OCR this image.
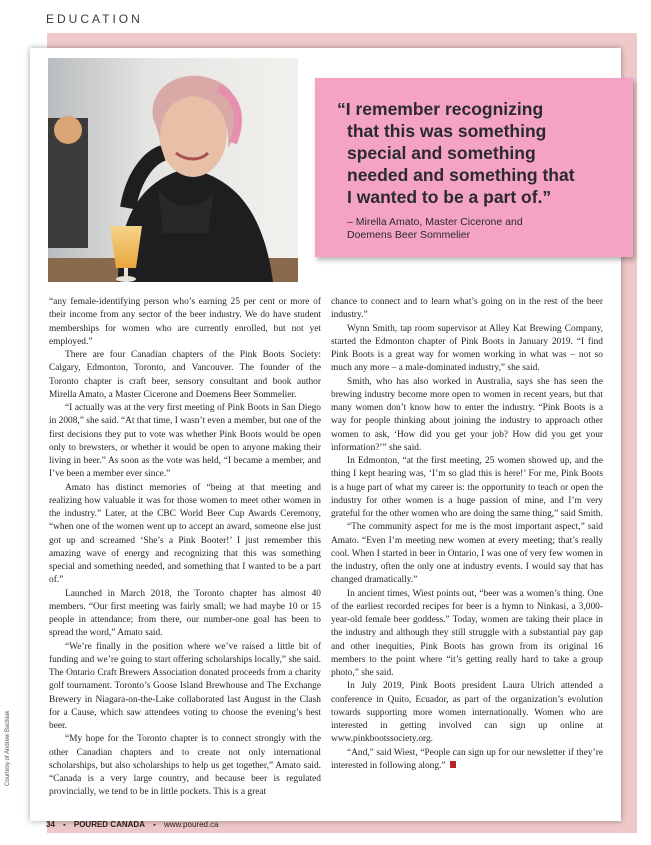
EDUCATION

“I remember recognizing
that this was something
special and something
needed and something that
I wanted to be a part of.”

– Mirella Amato, Master Cicerone and
Doemens Beer Sommelier

“any female-identifying person who’s earning 25 per cent or more of their income from any sector of the beer industry. We do have student memberships for women who are currently enrolled, but not yet employed.”

There are four Canadian chapters of the Pink Boots Society: Calgary, Edmonton, Toronto, and Vancouver. The founder of the Toronto chapter is craft beer, sensory consultant and book author Mirella Amato, a Master Cicerone and Doemens Beer Sommelier.

“I actually was at the very first meeting of Pink Boots in San Diego in 2008,” she said. “At that time, I wasn’t even a member, but one of the first decisions they put to vote was whether Pink Boots would be open only to brewsters, or whether it would be open to anyone making their living in beer.” As soon as the vote was held, “I became a member, and I’ve been a member ever since.”

Amato has distinct memories of “being at that meeting and realizing how valuable it was for those women to meet other women in the industry.” Later, at the CBC World Beer Cup Awards Ceremony, “when one of the women went up to accept an award, someone else just got up and screamed ‘She’s a Pink Booter!’ I just remember this amazing wave of energy and recognizing that this was something special and something needed, and something that I wanted to be a part of.”

Launched in March 2018, the Toronto chapter has almost 40 members. “Our first meeting was fairly small; we had maybe 10 or 15 people in attendance; from there, our number-one goal has been to spread the word,” Amato said.

“We’re finally in the position where we’ve raised a little bit of funding and we’re going to start offering scholarships locally,” she said. The Ontario Craft Brewers Association donated proceeds from a charity golf tournament. Toronto’s Goose Island Brewhouse and The Exchange Brewery in Niagara-on-the-Lake collaborated last August in the Clash for a Cause, which saw attendees voting to choose the evening’s best beer.

“My hope for the Toronto chapter is to connect strongly with the other Canadian chapters and to create not only international scholarships, but also scholarships to help us get together,” Amato said. “Canada is a very large country, and because beer is regulated provincially, we tend to be in little pockets. This is a great

chance to connect and to learn what’s going on in the rest of the beer industry.”

Wynn Smith, tap room supervisor at Alley Kat Brewing Company, started the Edmonton chapter of Pink Boots in January 2019. “I find Pink Boots is a great way for women working in what was – not so much any more – a male-dominated industry,” she said.

Smith, who has also worked in Australia, says she has seen the brewing industry become more open to women in recent years, but that many women don’t know how to enter the industry. “Pink Boots is a way for people thinking about joining the industry to approach other women to ask, ‘How did you get your job? How did you get your information?’” she said.

In Edmonton, “at the first meeting, 25 women showed up, and the thing I kept hearing was, ‘I’m so glad this is here!’ For me, Pink Boots is a huge part of what my career is: the opportunity to teach or open the industry for other women is a huge passion of mine, and I’m very grateful for the other women who are doing the same thing,” said Smith.

“The community aspect for me is the most important aspect,” said Amato. “Even I’m meeting new women at every meeting; that’s really cool. When I started in beer in Ontario, I was one of very few women in the industry, often the only one at industry events. I would say that has changed dramatically.”

In ancient times, Wiest points out, “beer was a women’s thing. One of the earliest recorded recipes for beer is a hymn to Ninkasi, a 3,000-year-old female beer goddess.” Today, women are taking their place in the industry and although they still struggle with a substantial pay gap and other inequities, Pink Boots has grown from its original 16 members to the point where “it’s getting really hard to take a group photo,” she said.

In July 2019, Pink Boots president Laura Ulrich attended a conference in Quito, Ecuador, as part of the organization’s evolution towards supporting more women internationally. Women who are interested in getting involved can sign up online at www.pinkbootssociety.org.

“And,” said Wiest, “People can sign up for our newsletter if they’re interested in following along.”

Courtesy of Andrew Bachiak
34 ▪ POURED CANADA ▪ www.poured.ca
